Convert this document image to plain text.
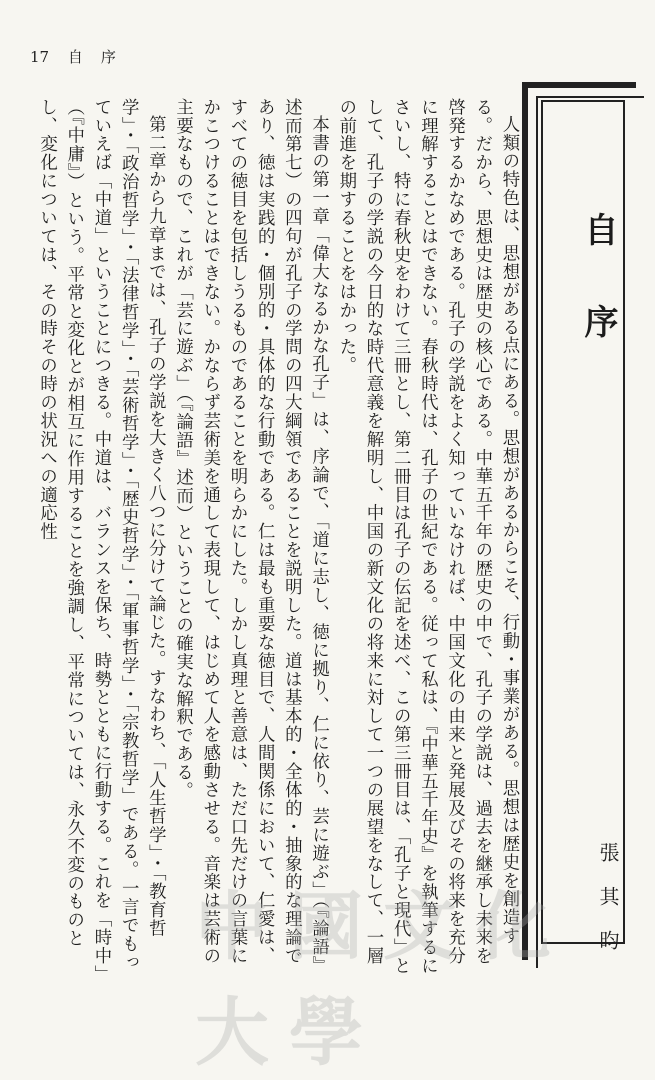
17 自序
自序
張其昀

人類の特色は、思想がある点にある。思想があるからこそ、行動・事業がある。思想は歴史を創造する。だから、思想史は歴史の核心である。中華五千年の歴史の中で、孔子の学説は、過去を継承し未来を啓発するかなめである。孔子の学説をよく知っていなければ、中国文化の由来と発展及びその将来を充分に理解することはできない。春秋時代は、孔子の世紀である。従って私は、『中華五千年史』を執筆するにさいし、特に春秋史をわけて三冊とし、第二冊目は孔子の伝記を述べ、この第三冊目は、「孔子と現代」として、孔子の学説の今日的な時代意義を解明し、中国の新文化の将来に対して一つの展望をなして、一層の前進を期することをはかった。

本書の第一章「偉大なるかな孔子」は、序論で、「道に志し、徳に拠り、仁に依り、芸に遊ぶ」（『論語』述而第七）の四句が孔子の学問の四大綱領であることを説明した。道は基本的・全体的・抽象的な理論であり、徳は実践的・個別的・具体的な行動である。仁は最も重要な徳目で、人間関係において、仁愛は、すべての徳目を包括しうるものであることを明らかにした。しかし真理と善意は、ただ口先だけの言葉にかこつけることはできない。かならず芸術美を通して表現して、はじめて人を感動させる。音楽は芸術の主要なもので、これが「芸に遊ぶ」（『論語』述而）ということの確実な解釈である。

第二章から九章までは、孔子の学説を大きく八つに分けて論じた。すなわち、「人生哲学」・「教育哲学」・「政治哲学」・「法律哲学」・「芸術哲学」・「歴史哲学」・「軍事哲学」・「宗教哲学」である。一言でもっていえば「中道」ということにつきる。中道は、バランスを保ち、時勢とともに行動する。これを「時中」（『中庸』）という。平常と変化とが相互に作用することを強調し、平常については、永久不変のものとし、変化については、その時その時の状況への適応性

中國文化大學
